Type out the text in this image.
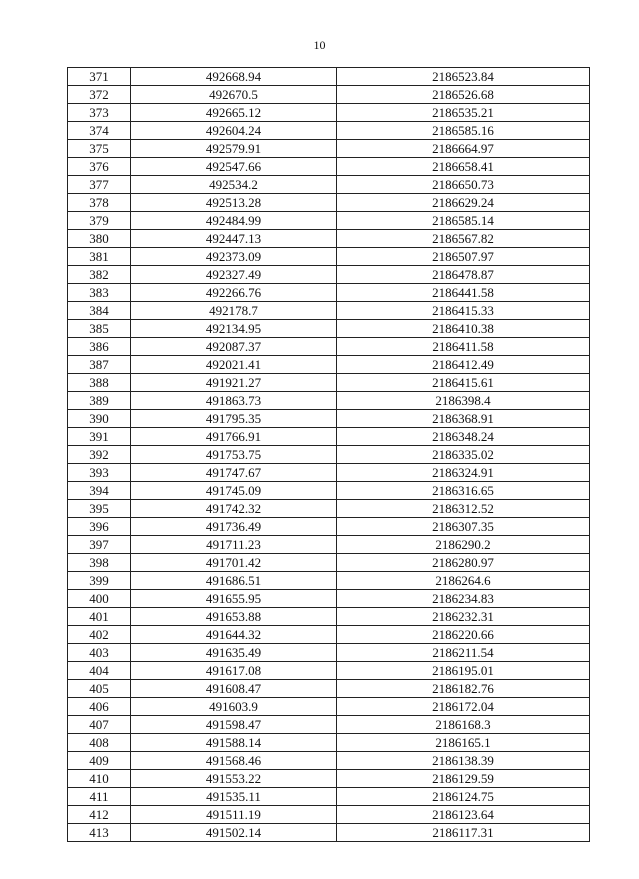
10
371	492668.94	2186523.84
372	492670.5	2186526.68
373	492665.12	2186535.21
374	492604.24	2186585.16
375	492579.91	2186664.97
376	492547.66	2186658.41
377	492534.2	2186650.73
378	492513.28	2186629.24
379	492484.99	2186585.14
380	492447.13	2186567.82
381	492373.09	2186507.97
382	492327.49	2186478.87
383	492266.76	2186441.58
384	492178.7	2186415.33
385	492134.95	2186410.38
386	492087.37	2186411.58
387	492021.41	2186412.49
388	491921.27	2186415.61
389	491863.73	2186398.4
390	491795.35	2186368.91
391	491766.91	2186348.24
392	491753.75	2186335.02
393	491747.67	2186324.91
394	491745.09	2186316.65
395	491742.32	2186312.52
396	491736.49	2186307.35
397	491711.23	2186290.2
398	491701.42	2186280.97
399	491686.51	2186264.6
400	491655.95	2186234.83
401	491653.88	2186232.31
402	491644.32	2186220.66
403	491635.49	2186211.54
404	491617.08	2186195.01
405	491608.47	2186182.76
406	491603.9	2186172.04
407	491598.47	2186168.3
408	491588.14	2186165.1
409	491568.46	2186138.39
410	491553.22	2186129.59
411	491535.11	2186124.75
412	491511.19	2186123.64
413	491502.14	2186117.31
